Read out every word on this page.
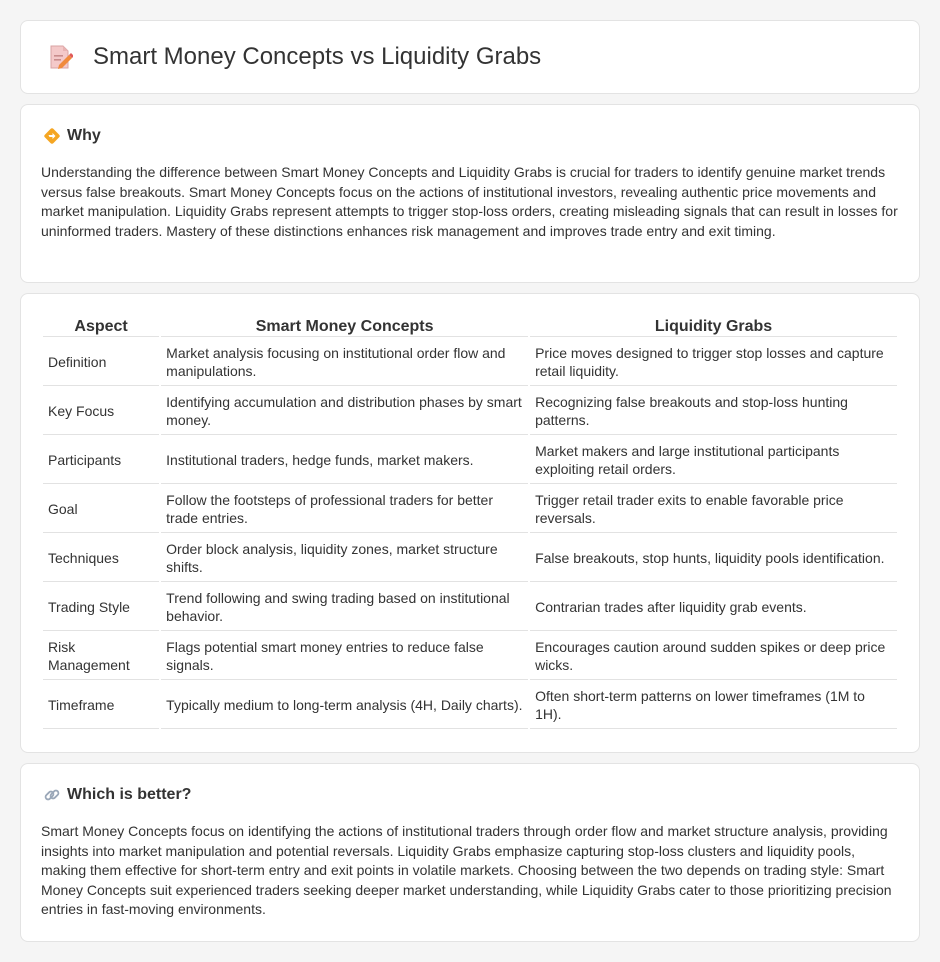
Smart Money Concepts vs Liquidity Grabs
Why

Understanding the difference between Smart Money Concepts and Liquidity Grabs is crucial for traders to identify genuine market trends versus false breakouts. Smart Money Concepts focus on the actions of institutional investors, revealing authentic price movements and market manipulation. Liquidity Grabs represent attempts to trigger stop-loss orders, creating misleading signals that can result in losses for uninformed traders. Mastery of these distinctions enhances risk management and improves trade entry and exit timing.

Aspect	Smart Money Concepts	Liquidity Grabs
Definition	Market analysis focusing on institutional order flow and manipulations.	Price moves designed to trigger stop losses and capture retail liquidity.
Key Focus	Identifying accumulation and distribution phases by smart money.	Recognizing false breakouts and stop-loss hunting patterns.
Participants	Institutional traders, hedge funds, market makers.	Market makers and large institutional participants exploiting retail orders.
Goal	Follow the footsteps of professional traders for better trade entries.	Trigger retail trader exits to enable favorable price reversals.
Techniques	Order block analysis, liquidity zones, market structure shifts.	False breakouts, stop hunts, liquidity pools identification.
Trading Style	Trend following and swing trading based on institutional behavior.	Contrarian trades after liquidity grab events.
Risk Management	Flags potential smart money entries to reduce false signals.	Encourages caution around sudden spikes or deep price wicks.
Timeframe	Typically medium to long-term analysis (4H, Daily charts).	Often short-term patterns on lower timeframes (1M to 1H).
Which is better?

Smart Money Concepts focus on identifying the actions of institutional traders through order flow and market structure analysis, providing insights into market manipulation and potential reversals. Liquidity Grabs emphasize capturing stop-loss clusters and liquidity pools, making them effective for short-term entry and exit points in volatile markets. Choosing between the two depends on trading style: Smart Money Concepts suit experienced traders seeking deeper market understanding, while Liquidity Grabs cater to those prioritizing precision entries in fast-moving environments.
